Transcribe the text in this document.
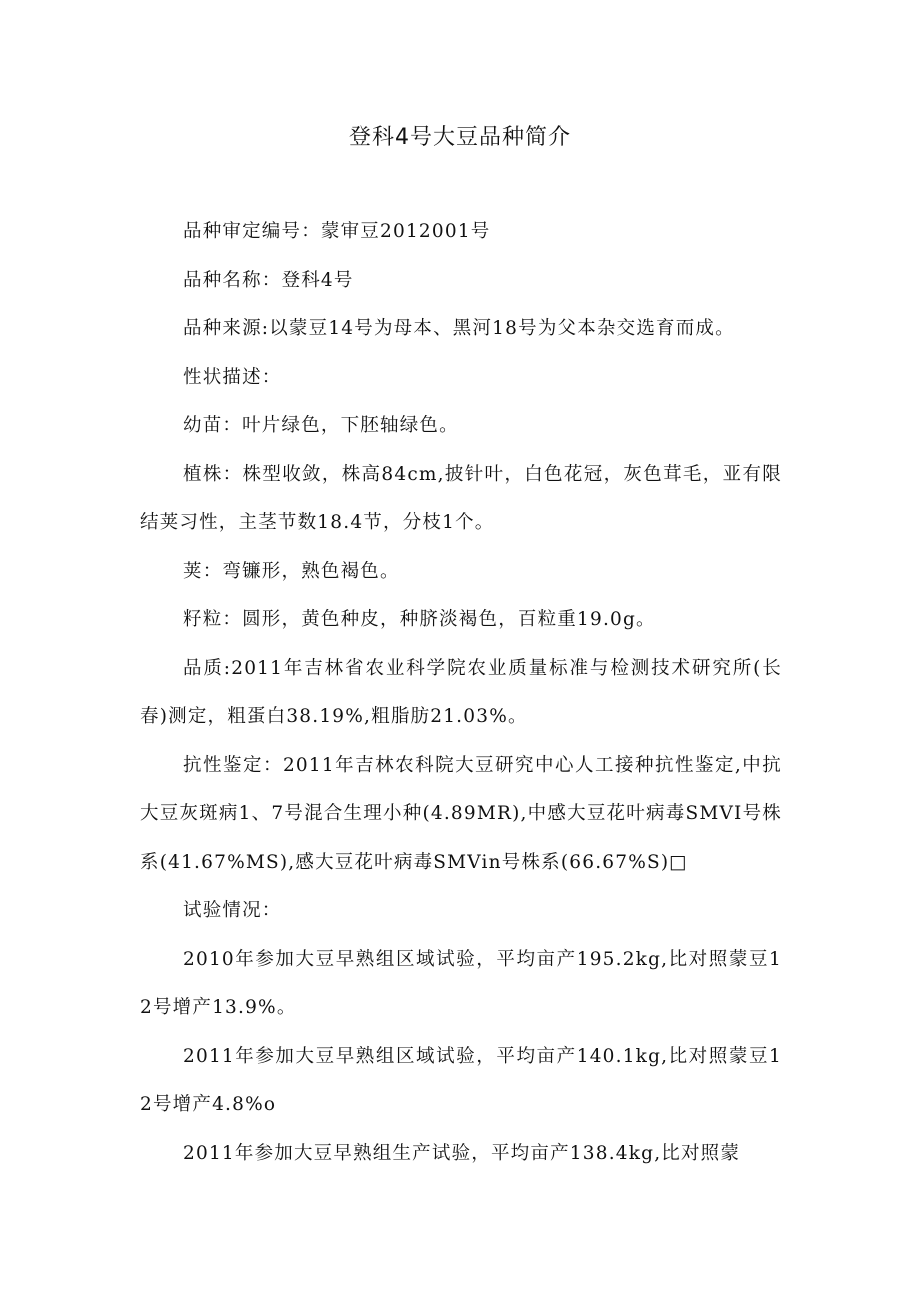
登科4号大豆品种简介

品种审定编号：蒙审豆2012001号

品种名称：登科4号

品种来源:以蒙豆14号为母本、黑河18号为父本杂交选育而成。

性状描述：

幼苗：叶片绿色，下胚轴绿色。

植株：株型收敛，株高84cm,披针叶，白色花冠，灰色茸毛，亚有限结荚习性，主茎节数18.4节，分枝1个。

荚：弯镰形，熟色褐色。

籽粒：圆形，黄色种皮，种脐淡褐色，百粒重19.0g。

品质:2011年吉林省农业科学院农业质量标准与检测技术研究所(长春)测定，粗蛋白38.19%,粗脂肪21.03%。

抗性鉴定：2011年吉林农科院大豆研究中心人工接种抗性鉴定,中抗大豆灰斑病1、7号混合生理小种(4.89MR),中感大豆花叶病毒SMVI号株系(41.67%MS),感大豆花叶病毒SMVin号株系(66.67%S)□

试验情况：

2010年参加大豆早熟组区域试验，平均亩产195.2kg,比对照蒙豆12号增产13.9%。

2011年参加大豆早熟组区域试验，平均亩产140.1kg,比对照蒙豆12号增产4.8%o

2011年参加大豆早熟组生产试验，平均亩产138.4kg,比对照蒙
